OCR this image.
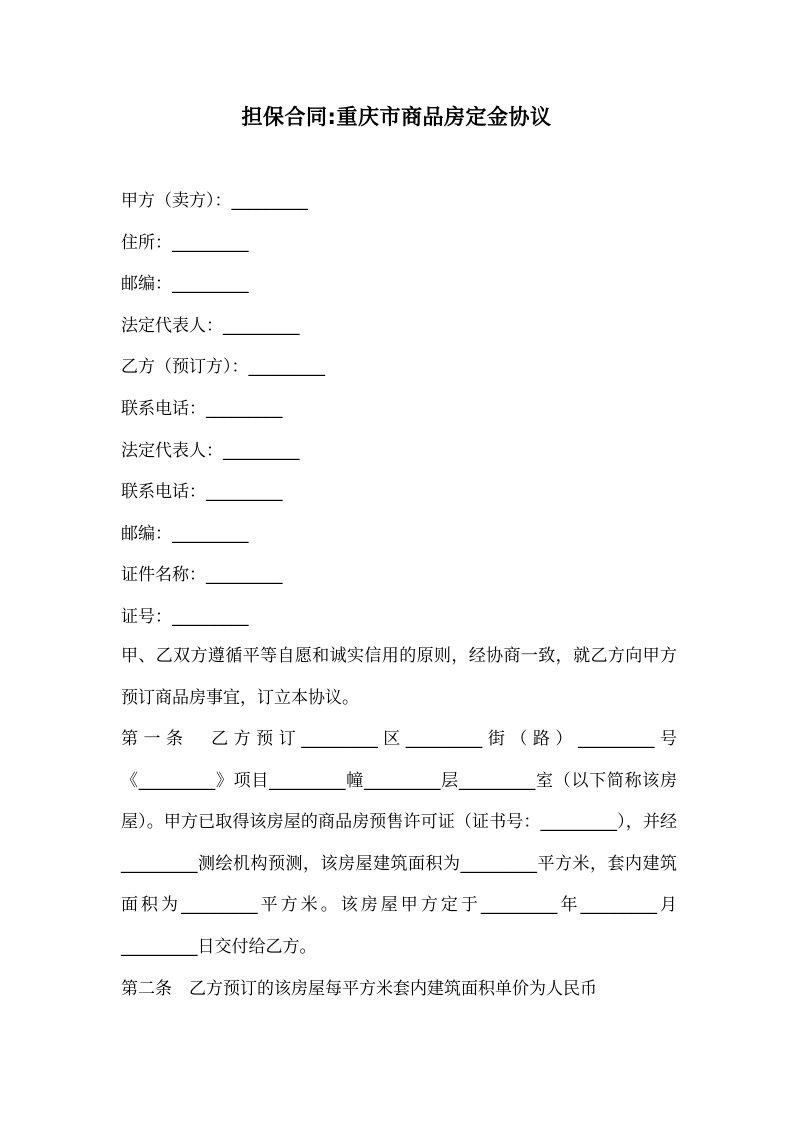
担保合同:重庆市商品房定金协议
甲方（卖方）：_________
住所：_________
邮编：_________
法定代表人：_________
乙方（预订方）：_________
联系电话：_________
法定代表人：_________
联系电话：_________
邮编：_________
证件名称：_________
证号：_________

甲、乙双方遵循平等自愿和诚实信用的原则，经协商一致，就乙方向甲方预订商品房事宜，订立本协议。

第一条　乙方预订_________区_________街（路）_________号《_________》项目_________幢_________层_________室（以下简称该房屋）。甲方已取得该房屋的商品房预售许可证（证书号：_________），并经_________测绘机构预测，该房屋建筑面积为_________平方米，套内建筑面积为_________平方米。该房屋甲方定于_________年_________月_________日交付给乙方。

第二条　乙方预订的该房屋每平方米套内建筑面积单价为人民币
